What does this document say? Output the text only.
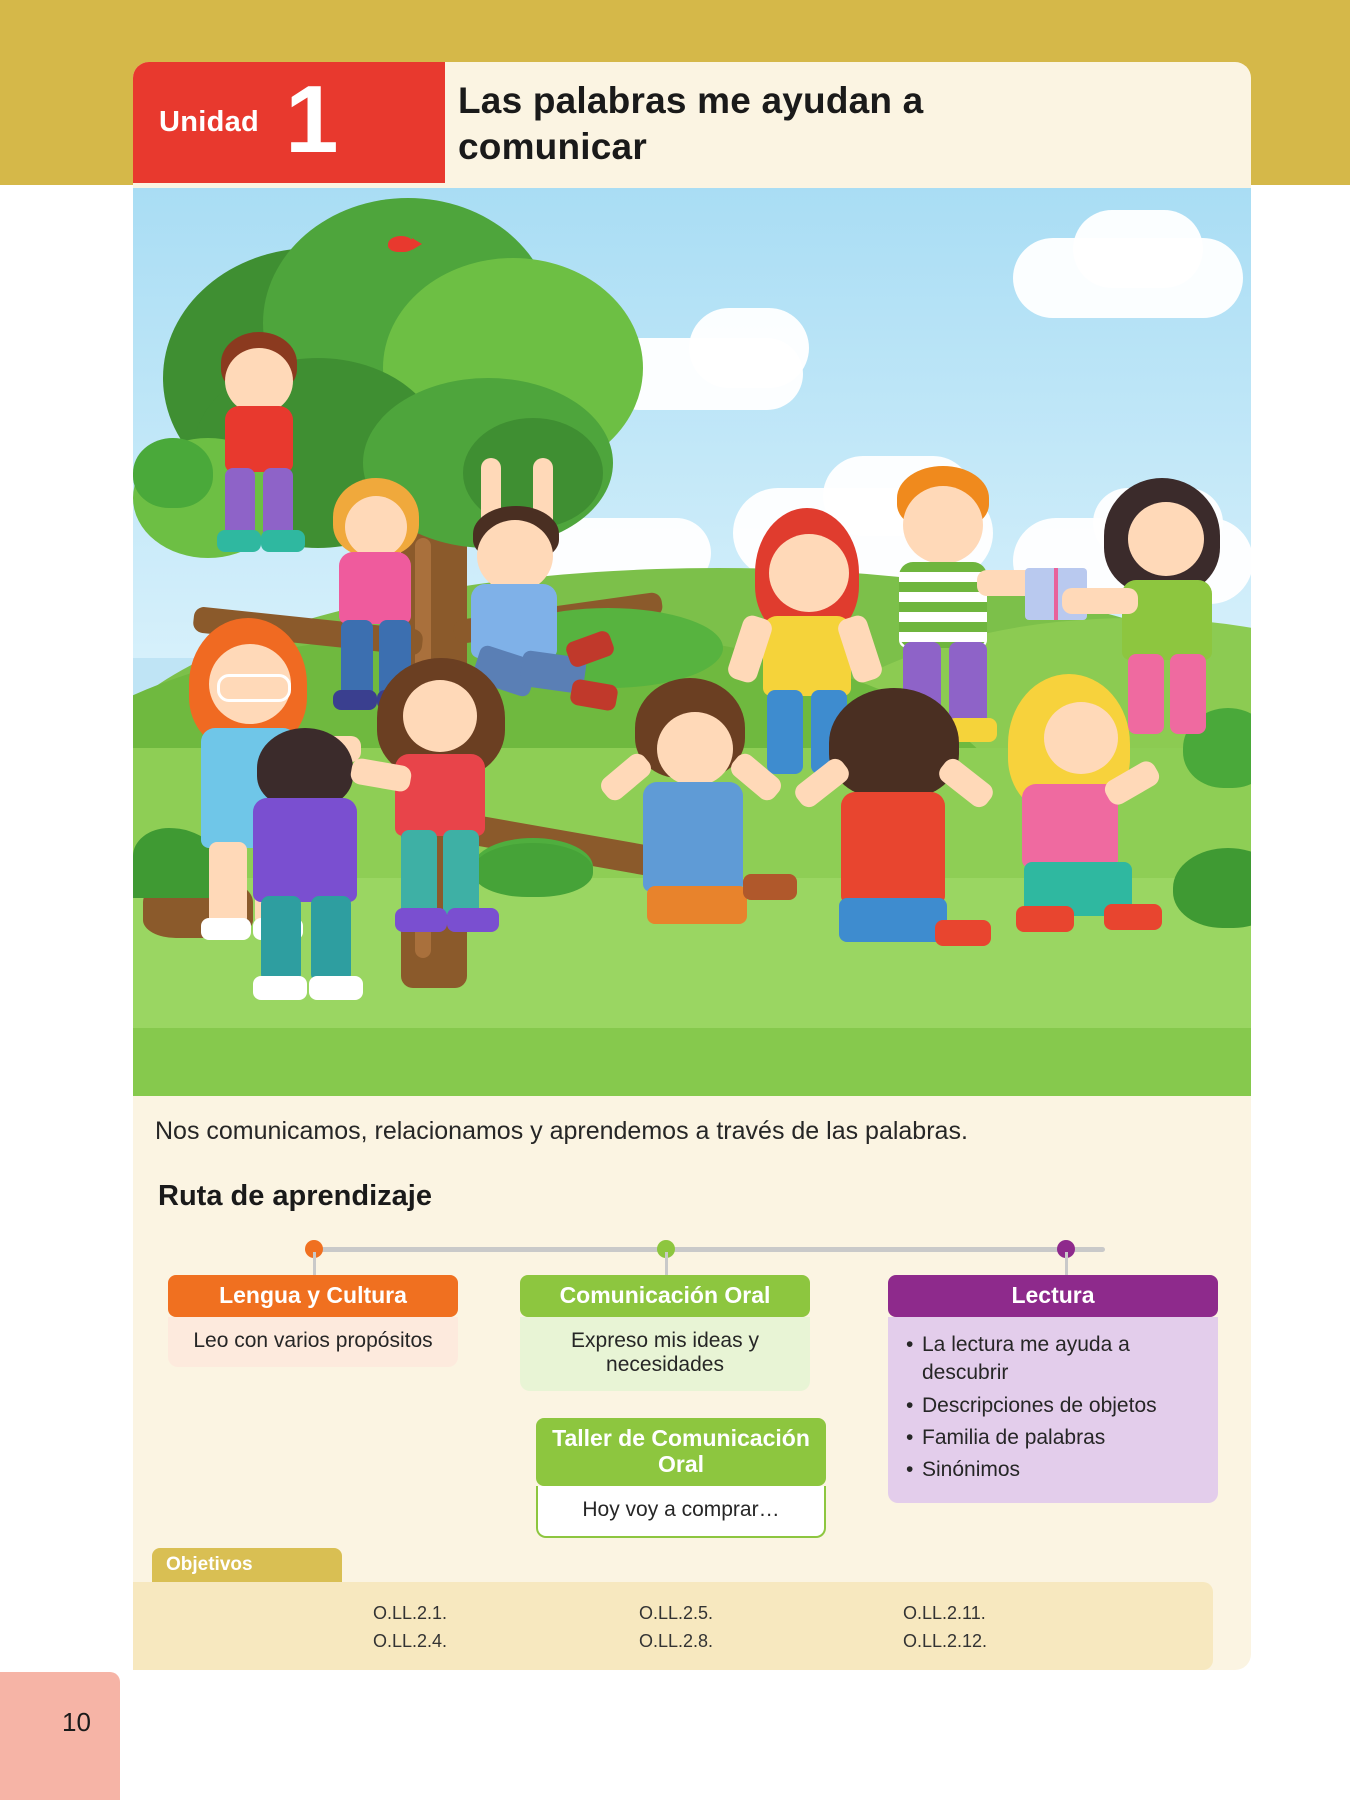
Unidad 1	Las palabras me ayudan a comunicar
Nos comunicamos, relacionamos y aprendemos a través de las palabras.
Ruta de aprendizaje
Lengua y Cultura
Leo con varios propósitos
Comunicación Oral
Expreso mis ideas y necesidades
Taller de Comunicación Oral
Hoy voy a comprar…
Lectura
• La lectura me ayuda a descubrir
• Descripciones de objetos
• Familia de palabras
• Sinónimos
Objetivos
O.LL.2.1.
O.LL.2.4.
O.LL.2.5.
O.LL.2.8.
O.LL.2.11.
O.LL.2.12.
10
